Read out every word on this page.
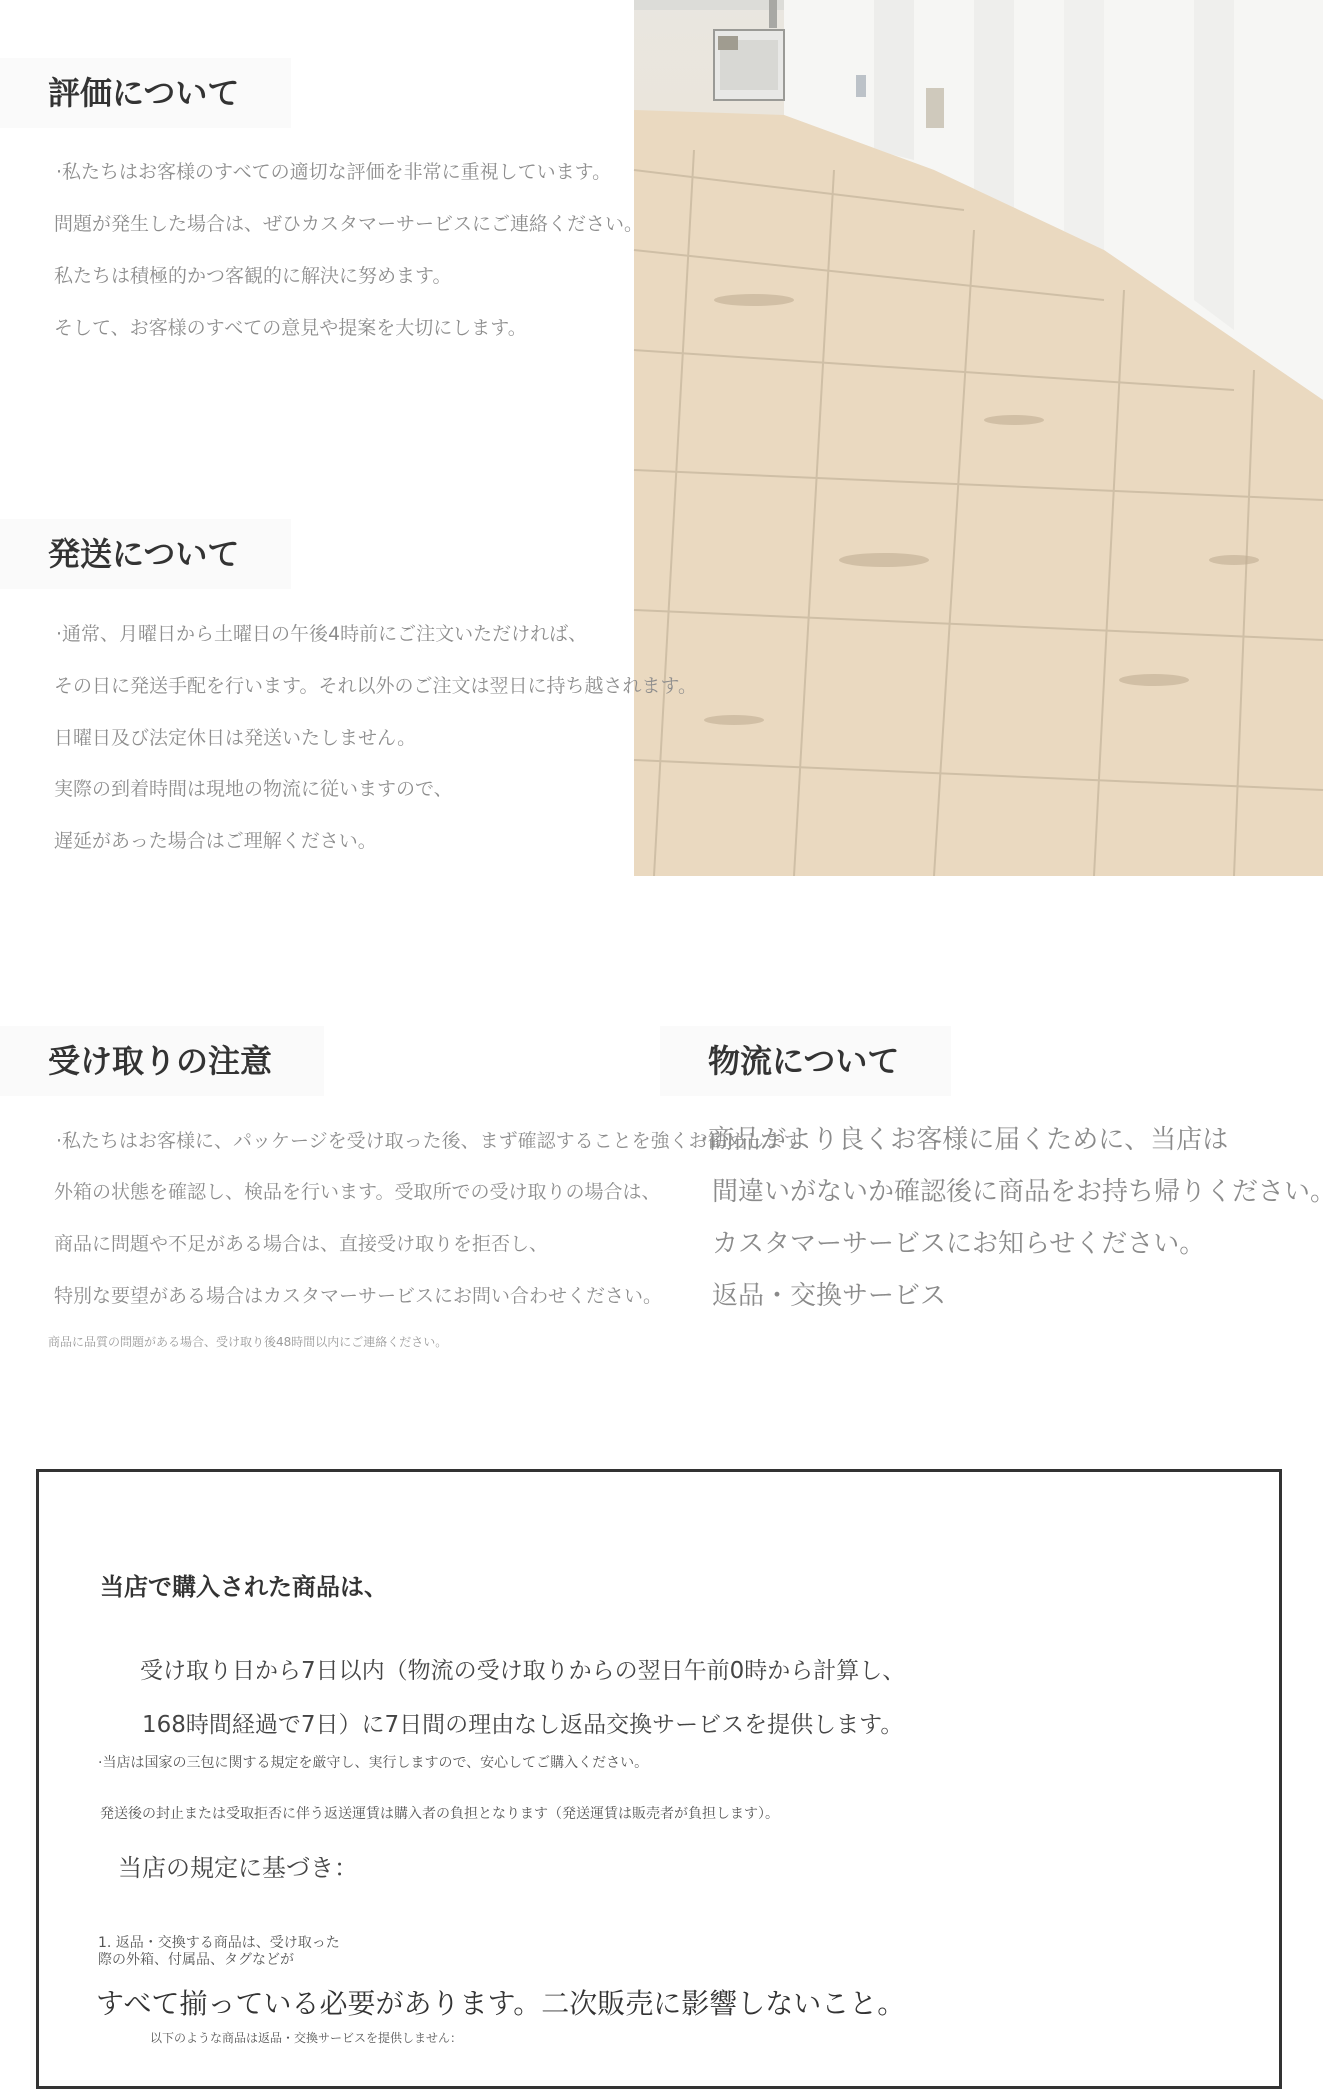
評価について
·私たちはお客様のすべての適切な評価を非常に重視しています。
問題が発生した場合は、ぜひカスタマーサービスにご連絡ください。
私たちは積極的かつ客観的に解決に努めます。
そして、お客様のすべての意見や提案を大切にします。
発送について
·通常、月曜日から土曜日の午後4時前にご注文いただければ、
その日に発送手配を行います。それ以外のご注文は翌日に持ち越されます。
日曜日及び法定休日は発送いたしません。
実際の到着時間は現地の物流に従いますので、
遅延があった場合はご理解ください。
受け取りの注意
·私たちはお客様に、パッケージを受け取った後、まず確認することを強くお勧めします
外箱の状態を確認し、検品を行います。受取所での受け取りの場合は、
商品に問題や不足がある場合は、直接受け取りを拒否し、
特別な要望がある場合はカスタマーサービスにお問い合わせください。
商品に品質の問題がある場合、受け取り後48時間以内にご連絡ください。
物流について
·商品がより良くお客様に届くために、当店は
間違いがないか確認後に商品をお持ち帰りください。
カスタマーサービスにお知らせください。
返品・交換サービス
当店で購入された商品は、
受け取り日から7日以内（物流の受け取りからの翌日午前0時から計算し、
168時間経過で7日）に7日間の理由なし返品交換サービスを提供します。
·当店は国家の三包に関する規定を厳守し、実行しますので、安心してご購入ください。
発送後の封止または受取拒否に伴う返送運賃は購入者の負担となります（発送運賃は販売者が負担します）。
当店の規定に基づき：
1. 返品・交換する商品は、受け取った
際の外箱、付属品、タグなどが
すべて揃っている必要があります。二次販売に影響しないこと。
以下のような商品は返品・交換サービスを提供しません：
